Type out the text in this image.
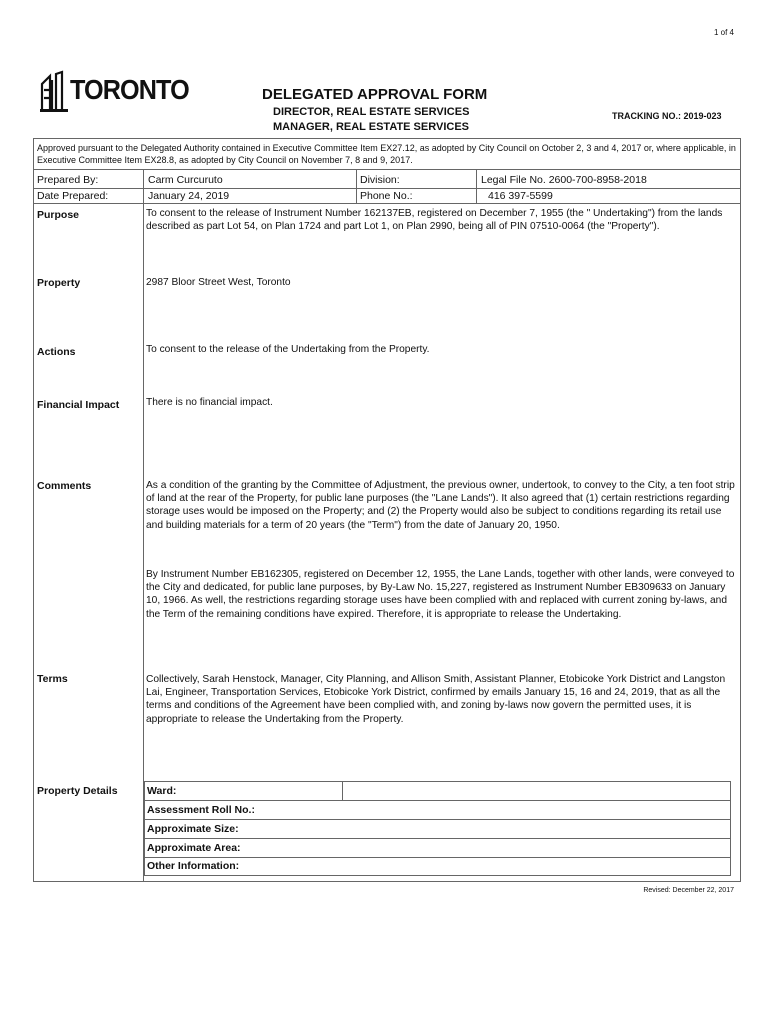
1 of 4
TORONTO	DELEGATED APPROVAL FORM
DIRECTOR, REAL ESTATE SERVICES
MANAGER, REAL ESTATE SERVICES
TRACKING NO.: 2019-023
Approved pursuant to the Delegated Authority contained in Executive Committee Item EX27.12, as adopted by City Council on October 2, 3 and 4, 2017 or, where applicable, in Executive Committee Item EX28.8, as adopted by City Council on November 7, 8 and 9, 2017.
Prepared By:	Carm Curcuruto	Division:	Legal File No. 2600-700-8958-2018
Date Prepared:	January 24, 2019	Phone No.:	416 397-5599
Purpose	To consent to the release of Instrument Number 162137EB, registered on December 7, 1955 (the " Undertaking") from the lands described as part Lot 54, on Plan 1724 and part Lot 1, on Plan 2990, being all of PIN 07510-0064 (the "Property").
Property	2987 Bloor Street West, Toronto
Actions	To consent to the release of the Undertaking from the Property.
Financial Impact	There is no financial impact.
Comments	As a condition of the granting by the Committee of Adjustment, the previous owner, undertook, to convey to the City, a ten foot strip of land at the rear of the Property, for public lane purposes (the "Lane Lands"). It also agreed that (1) certain restrictions regarding storage uses would be imposed on the Property; and (2) the Property would also be subject to conditions regarding its retail use and building materials for a term of 20 years (the "Term") from the date of January 20, 1950.
By Instrument Number EB162305, registered on December 12, 1955, the Lane Lands, together with other lands, were conveyed to the City and dedicated, for public lane purposes, by By-Law No. 15,227, registered as Instrument Number EB309633 on January 10, 1966. As well, the restrictions regarding storage uses have been complied with and replaced with current zoning by-laws, and the Term of the remaining conditions have expired. Therefore, it is appropriate to release the Undertaking.
Terms	Collectively, Sarah Henstock, Manager, City Planning, and Allison Smith, Assistant Planner, Etobicoke York District and Langston Lai, Engineer, Transportation Services, Etobicoke York District, confirmed by emails January 15, 16 and 24, 2019, that as all the terms and conditions of the Agreement have been complied with, and zoning by-laws now govern the permitted uses, it is appropriate to release the Undertaking from the Property.
Property Details	Ward:
Assessment Roll No.:
Approximate Size:
Approximate Area:
Other Information:
Revised: December 22, 2017
